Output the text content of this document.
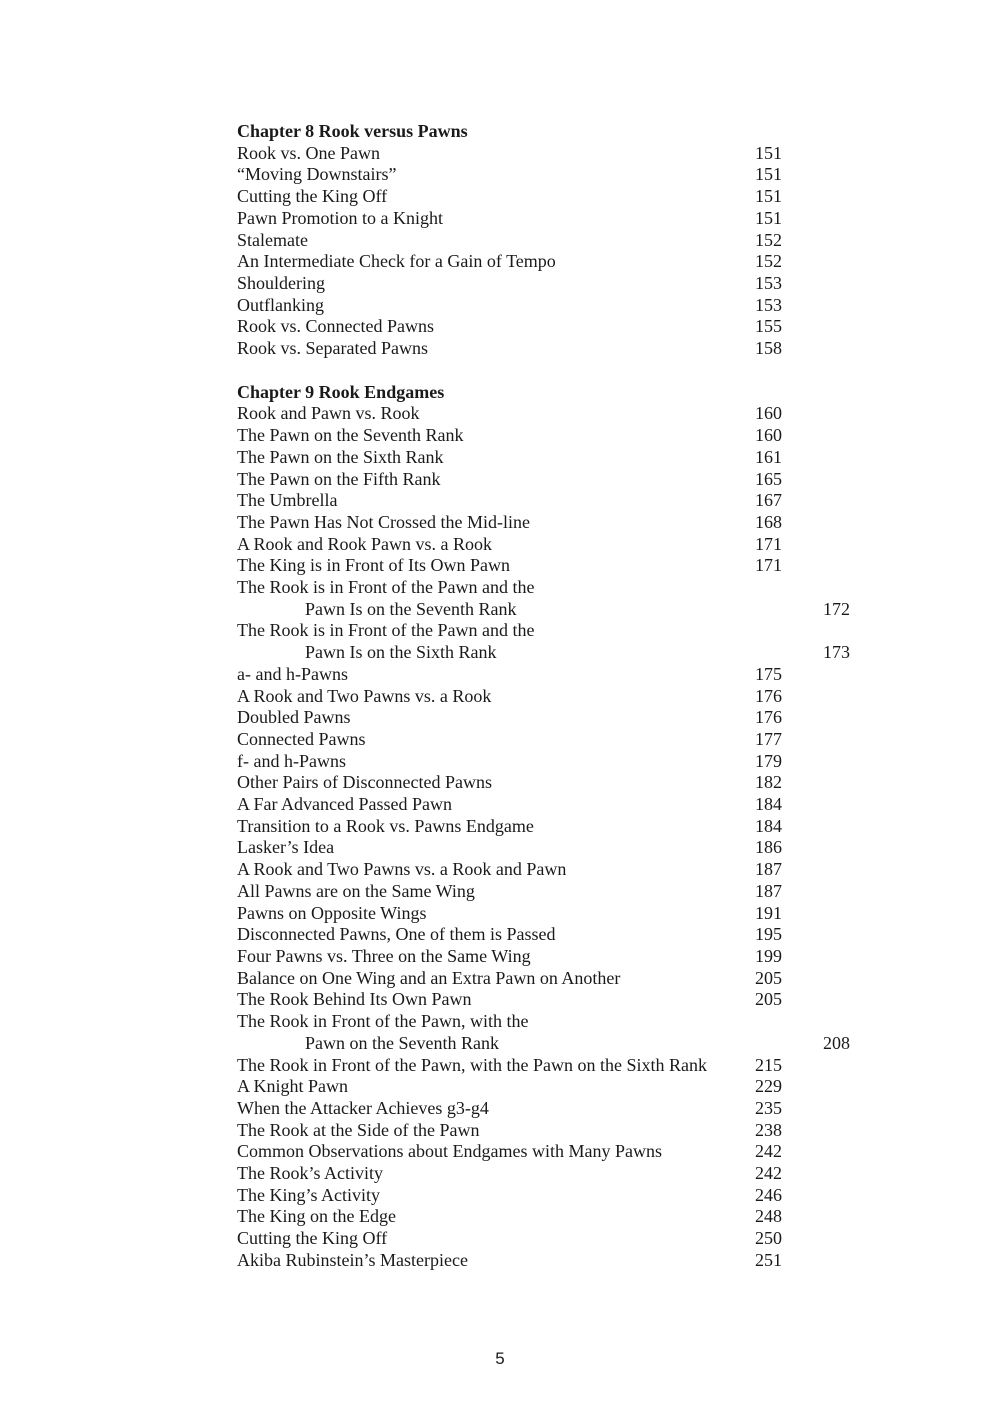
Chapter 8 Rook versus Pawns
Rook vs. One Pawn	151
“Moving Downstairs”	151
Cutting the King Off	151
Pawn Promotion to a Knight	151
Stalemate	152
An Intermediate Check for a Gain of Tempo	152
Shouldering	153
Outflanking	153
Rook vs. Connected Pawns	155
Rook vs. Separated Pawns	158
Chapter 9 Rook Endgames
Rook and Pawn vs. Rook	160
The Pawn on the Seventh Rank	160
The Pawn on the Sixth Rank	161
The Pawn on the Fifth Rank	165
The Umbrella	167
The Pawn Has Not Crossed the Mid-line	168
A Rook and Rook Pawn vs. a Rook	171
The King is in Front of Its Own Pawn	171
The Rook is in Front of the Pawn and the
Pawn Is on the Seventh Rank	172
The Rook is in Front of the Pawn and the
Pawn Is on the Sixth Rank	173
a- and h-Pawns	175
A Rook and Two Pawns vs. a Rook	176
Doubled Pawns	176
Connected Pawns	177
f- and h-Pawns	179
Other Pairs of Disconnected Pawns	182
A Far Advanced Passed Pawn	184
Transition to a Rook vs. Pawns Endgame	184
Lasker’s Idea	186
A Rook and Two Pawns vs. a Rook and Pawn	187
All Pawns are on the Same Wing	187
Pawns on Opposite Wings	191
Disconnected Pawns, One of them is Passed	195
Four Pawns vs. Three on the Same Wing	199
Balance on One Wing and an Extra Pawn on Another	205
The Rook Behind Its Own Pawn	205
The Rook in Front of the Pawn, with the
Pawn on the Seventh Rank	208
The Rook in Front of the Pawn, with the Pawn on the Sixth Rank	215
A Knight Pawn	229
When the Attacker Achieves g3-g4	235
The Rook at the Side of the Pawn	238
Common Observations about Endgames with Many Pawns	242
The Rook’s Activity	242
The King’s Activity	246
The King on the Edge	248
Cutting the King Off	250
Akiba Rubinstein’s Masterpiece	251
5
